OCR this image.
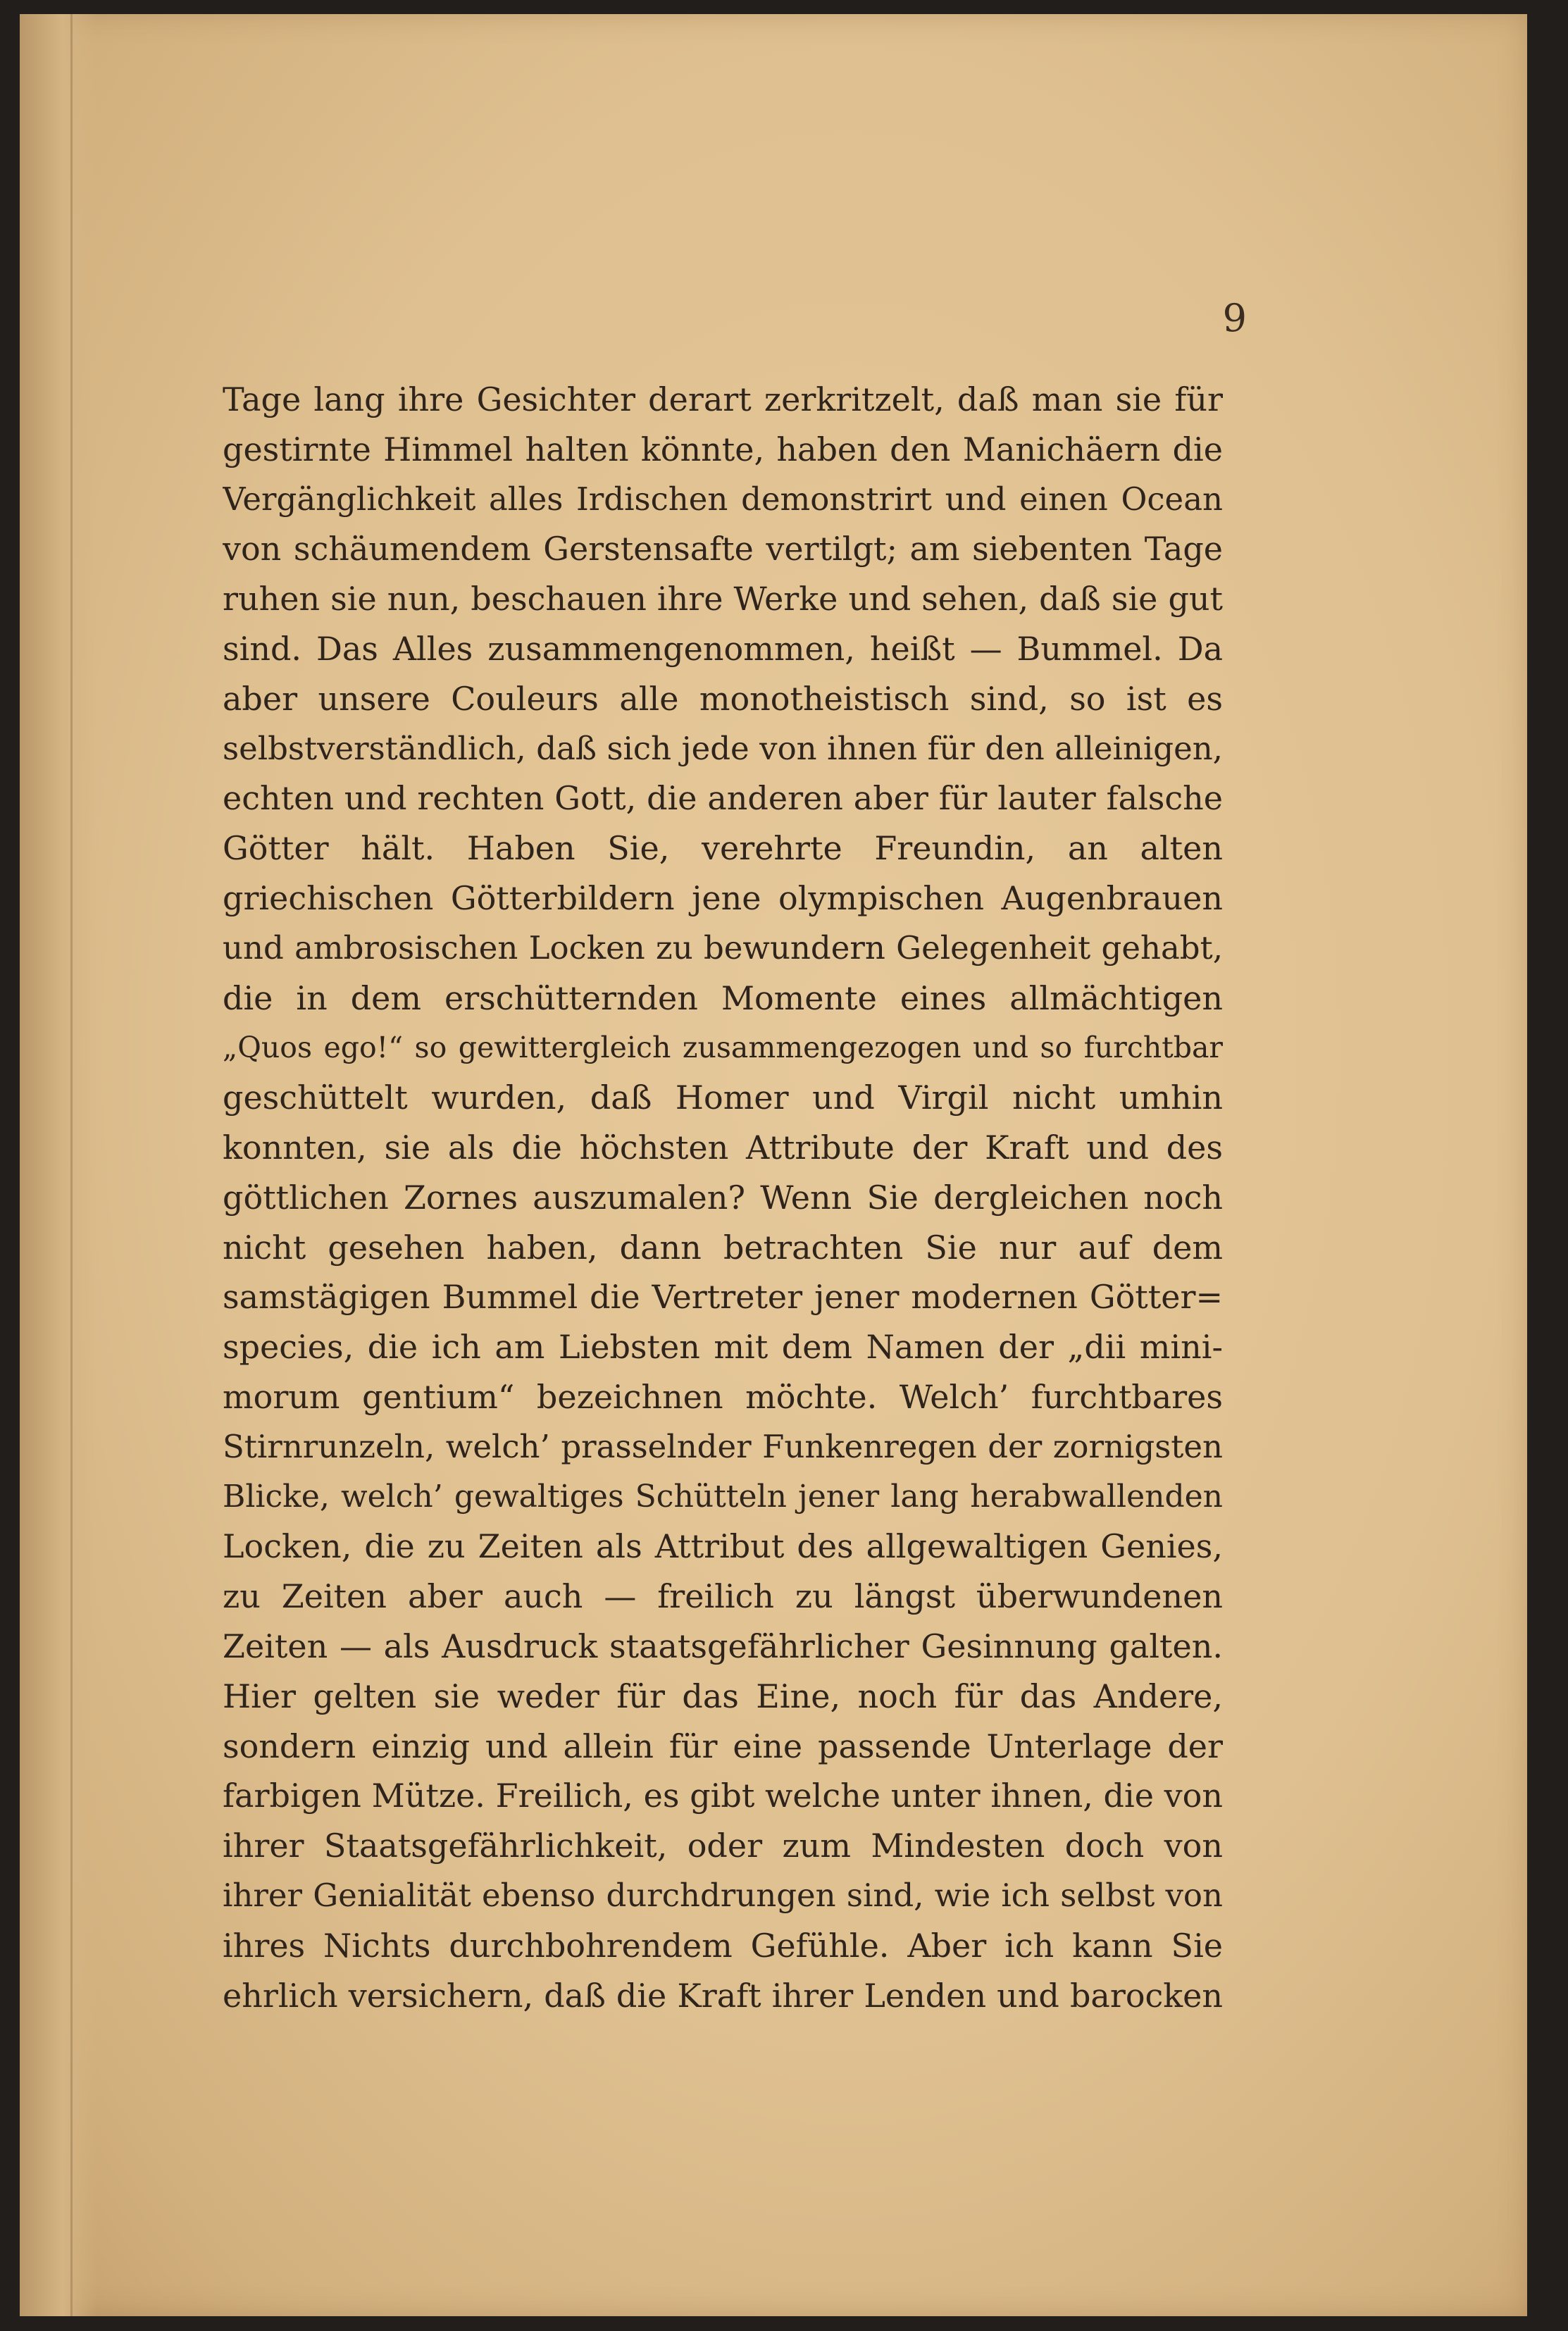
9
Tage lang ihre Gesichter derart zerkritzelt, daß man sie für
gestirnte Himmel halten könnte, haben den Manichäern die
Vergänglichkeit alles Irdischen demonstrirt und einen Ocean
von schäumendem Gerstensafte vertilgt; am siebenten Tage
ruhen sie nun, beschauen ihre Werke und sehen, daß sie gut
sind. Das Alles zusammengenommen, heißt — Bummel. Da
aber unsere Couleurs alle monotheistisch sind, so ist es
selbstverständlich, daß sich jede von ihnen für den alleinigen,
echten und rechten Gott, die anderen aber für lauter falsche
Götter hält. Haben Sie, verehrte Freundin, an alten
griechischen Götterbildern jene olympischen Augenbrauen
und ambrosischen Locken zu bewundern Gelegenheit gehabt,
die in dem erschütternden Momente eines allmächtigen
„Quos ego!“ so gewittergleich zusammengezogen und so furchtbar
geschüttelt wurden, daß Homer und Virgil nicht umhin
konnten, sie als die höchsten Attribute der Kraft und des
göttlichen Zornes auszumalen? Wenn Sie dergleichen noch
nicht gesehen haben, dann betrachten Sie nur auf dem
samstägigen Bummel die Vertreter jener modernen Götter=
species, die ich am Liebsten mit dem Namen der „dii mini-
morum gentium“ bezeichnen möchte. Welch’ furchtbares
Stirnrunzeln, welch’ prasselnder Funkenregen der zornigsten
Blicke, welch’ gewaltiges Schütteln jener lang herabwallenden
Locken, die zu Zeiten als Attribut des allgewaltigen Genies,
zu Zeiten aber auch — freilich zu längst überwundenen
Zeiten — als Ausdruck staatsgefährlicher Gesinnung galten.
Hier gelten sie weder für das Eine, noch für das Andere,
sondern einzig und allein für eine passende Unterlage der
farbigen Mütze. Freilich, es gibt welche unter ihnen, die von
ihrer Staatsgefährlichkeit, oder zum Mindesten doch von
ihrer Genialität ebenso durchdrungen sind, wie ich selbst von
ihres Nichts durchbohrendem Gefühle. Aber ich kann Sie
ehrlich versichern, daß die Kraft ihrer Lenden und barocken
